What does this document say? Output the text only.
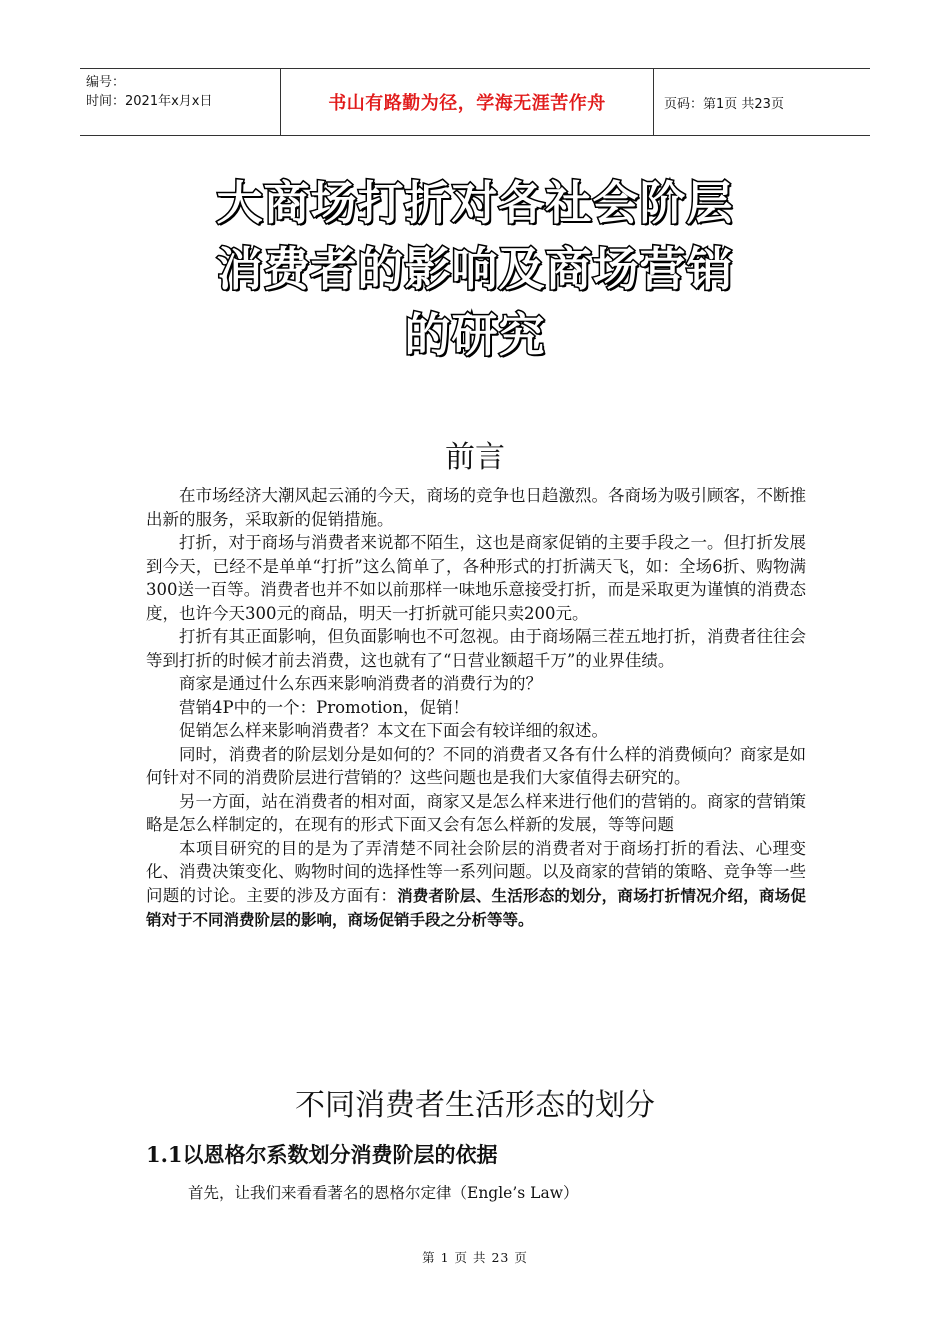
编号：
时间：2021年x月x日	书山有路勤为径，学海无涯苦作舟	页码：第1页 共23页
大商场打折对各社会阶层
消费者的影响及商场营销
的研究
前言

在市场经济大潮风起云涌的今天，商场的竞争也日趋激烈。各商场为吸引顾客，不断推出新的服务，采取新的促销措施。

打折，对于商场与消费者来说都不陌生，这也是商家促销的主要手段之一。但打折发展到今天，已经不是单单“打折”这么简单了，各种形式的打折满天飞，如：全场6折、购物满300送一百等。消费者也并不如以前那样一味地乐意接受打折，而是采取更为谨慎的消费态度，也许今天300元的商品，明天一打折就可能只卖200元。

打折有其正面影响，但负面影响也不可忽视。由于商场隔三茬五地打折，消费者往往会等到打折的时候才前去消费，这也就有了“日营业额超千万”的业界佳绩。

商家是通过什么东西来影响消费者的消费行为的？

营销4P中的一个：Promotion，促销！

促销怎么样来影响消费者？本文在下面会有较详细的叙述。

同时，消费者的阶层划分是如何的？不同的消费者又各有什么样的消费倾向？商家是如何针对不同的消费阶层进行营销的？这些问题也是我们大家值得去研究的。

另一方面，站在消费者的相对面，商家又是怎么样来进行他们的营销的。商家的营销策略是怎么样制定的，在现有的形式下面又会有怎么样新的发展，等等问题

本项目研究的目的是为了弄清楚不同社会阶层的消费者对于商场打折的看法、心理变化、消费决策变化、购物时间的选择性等一系列问题。以及商家的营销的策略、竞争等一些问题的讨论。主要的涉及方面有：消费者阶层、生活形态的划分，商场打折情况介绍，商场促销对于不同消费阶层的影响，商场促销手段之分析等等。

不同消费者生活形态的划分
1.1以恩格尔系数划分消费阶层的依据
首先，让我们来看看著名的恩格尔定律（Engle’s Law）
第 1 页 共 23 页
